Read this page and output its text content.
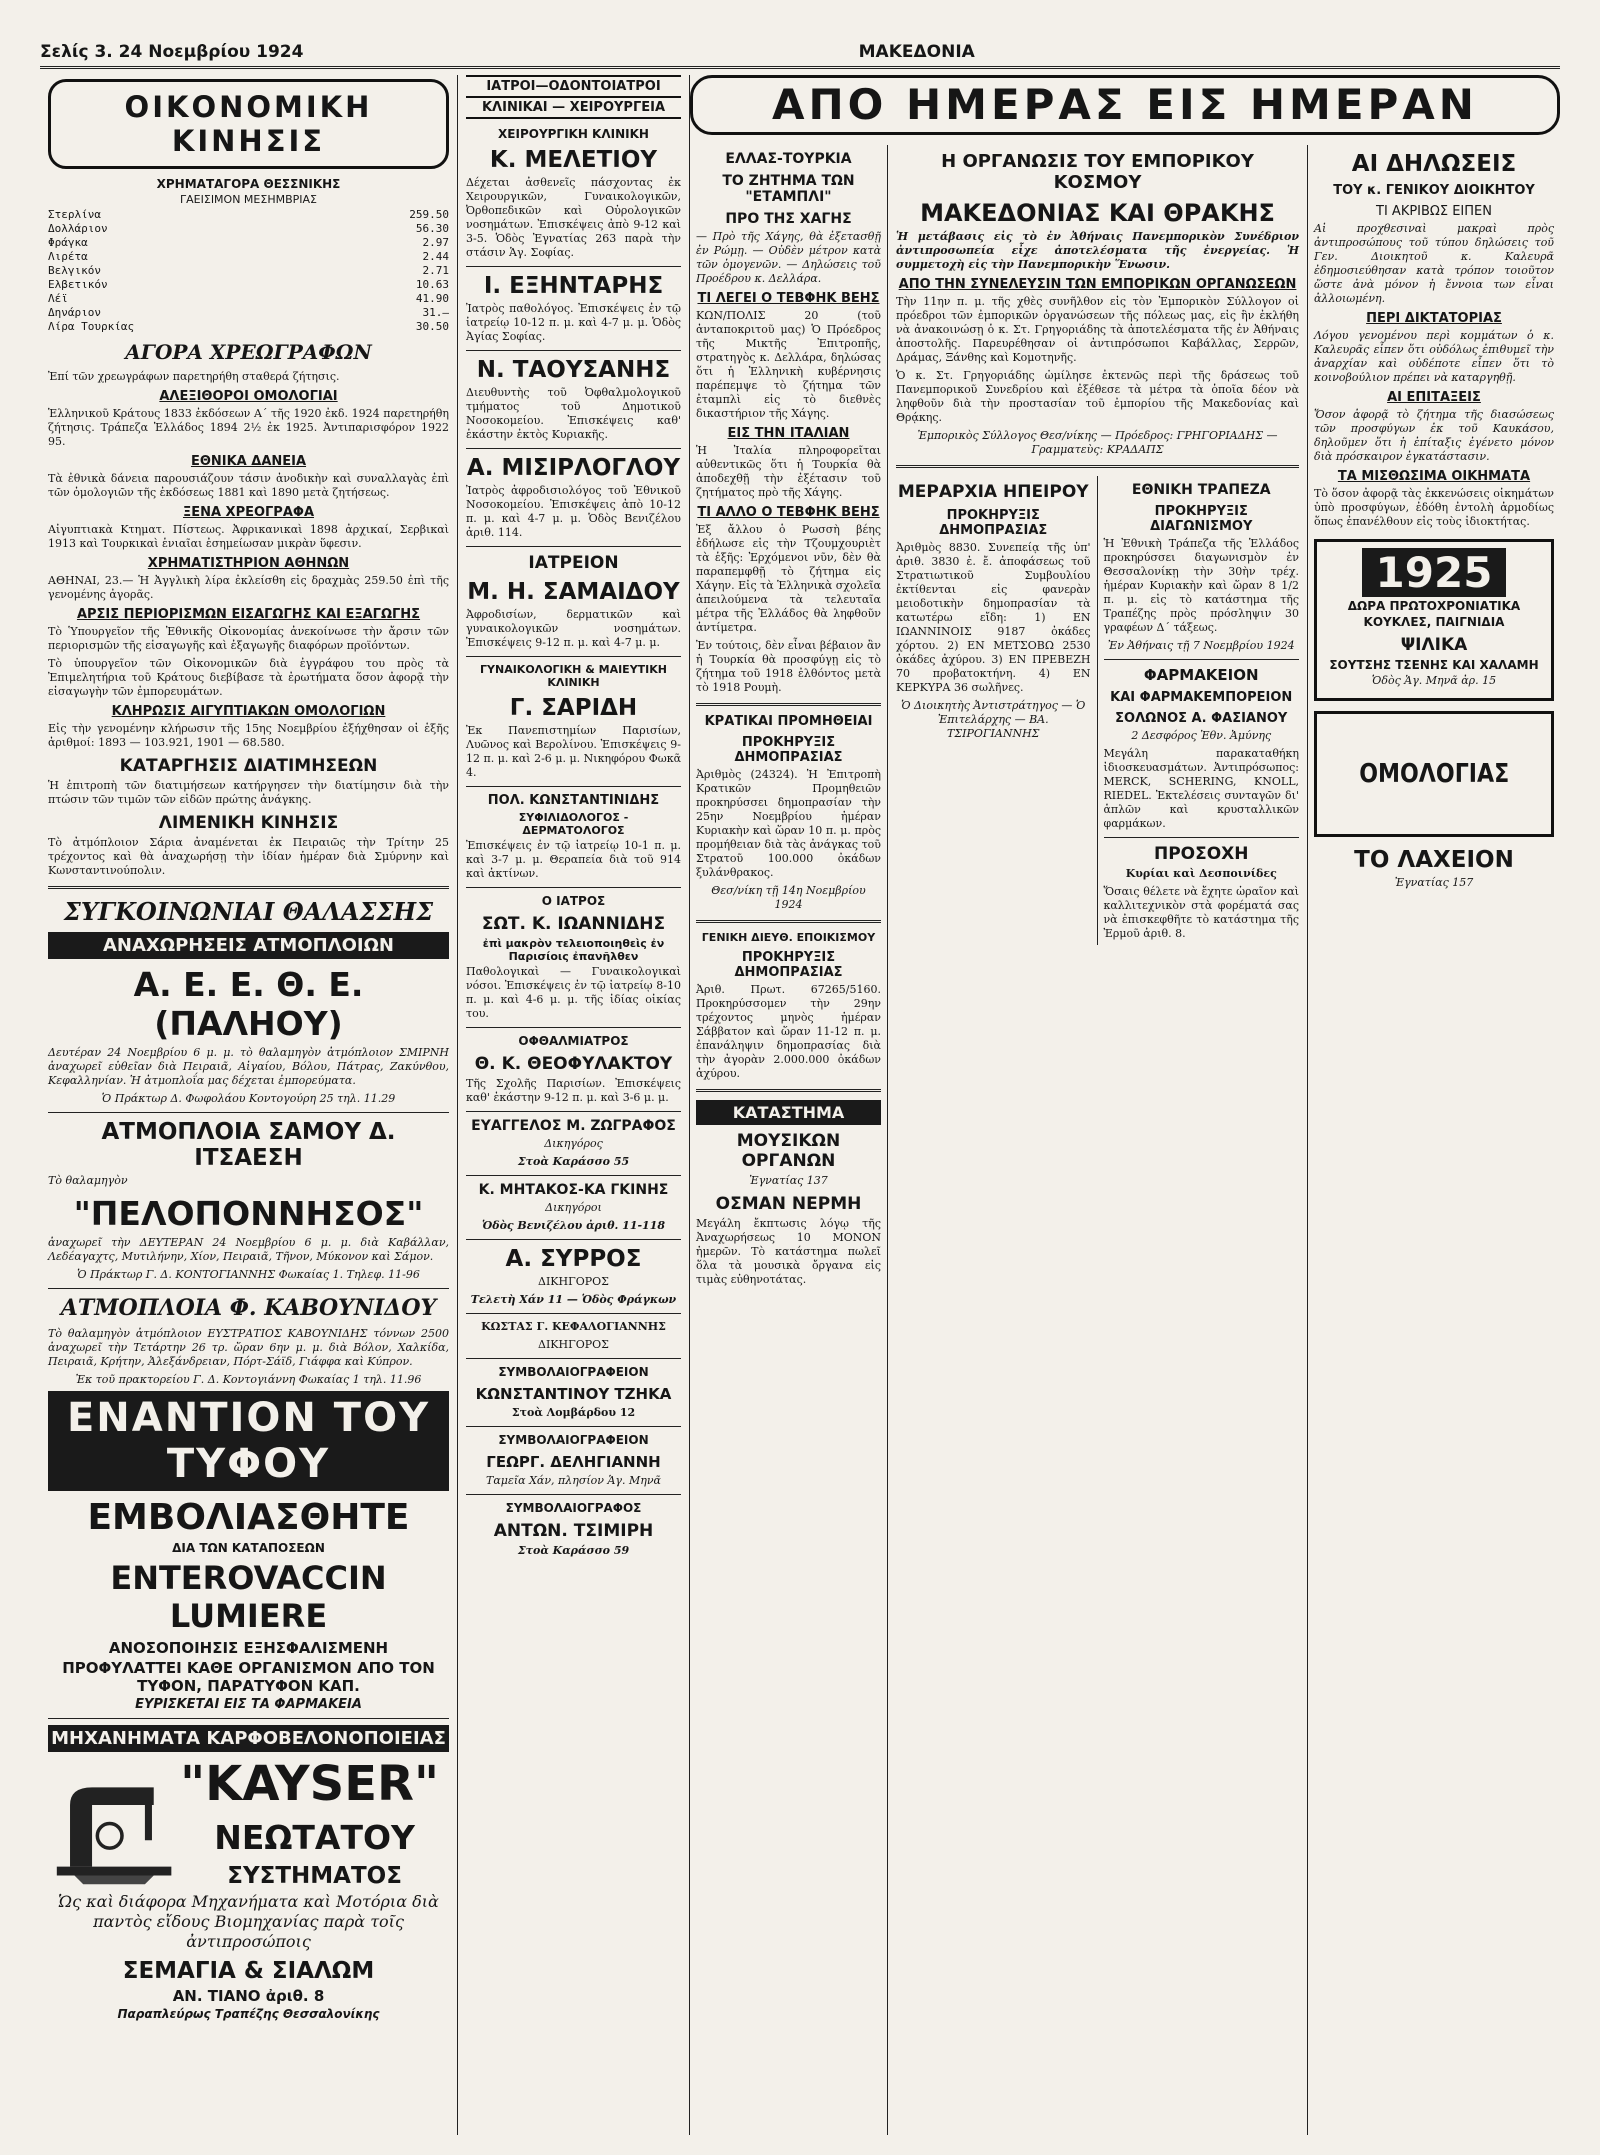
Σελίς 3. 24 Νοεμβρίου 1924	ΜΑΚΕΔΟΝΙΑ
ΟΙΚΟΝΟΜΙΚΗ ΚΙΝΗΣΙΣ
ΧΡΗΜΑΤΑΓΟΡΑ ΘΕΣΣΝΙΚΗΣ
ΓΑΕΙΣΙΜΟΝ ΜΕΣΗΜΒΡΙΑΣ
Στερλίνα	259.50
Δολλάριον	56.30
Φράγκα	2.97
Λιρέτα	2.44
Βελγικόν	2.71
Ελβετικόν	10.63
Λέϊ	41.90
Δηνάριον	31.—
Λίρα Τουρκίας	30.50
ΑΓΟΡΑ ΧΡΕΩΓΡΑΦΩΝ

Ἐπί τῶν χρεωγράφων παρετηρήθη σταθερά ζήτησις.

ΑΛΕΞΙΘΟΡΟΙ ΟΜΟΛΟΓΙΑΙ

Ἑλληνικοῦ Κράτους 1833 ἐκδόσεων Α΄ τῆς 1920 ἐκδ. 1924 παρετηρήθη ζήτησις. Τράπεζα Ἑλλάδος 1894 2½ ἐκ 1925. Ἀντιπαρισφόρον 1922 95.

ΕΘΝΙΚΑ ΔΑΝΕΙΑ

Τὰ ἐθνικὰ δάνεια παρουσιάζουν τάσιν ἀνοδικὴν καὶ συναλλαγὰς ἐπὶ τῶν ὁμολογιῶν τῆς ἐκδόσεως 1881 καὶ 1890 μετὰ ζητήσεως.

ΞΕΝΑ ΧΡΕΟΓΡΑΦΑ

Αἰγυπτιακὰ Κτηματ. Πίστεως. Ἀφρικανικαὶ 1898 ἀρχικαί, Σερβικαὶ 1913 καὶ Τουρκικαὶ ἑνιαῖαι ἐσημείωσαν μικρὰν ὕφεσιν.

ΧΡΗΜΑΤΙΣΤΗΡΙΟΝ ΑΘΗΝΩΝ

ΑΘΗΝΑΙ, 23.— Ἡ Ἀγγλικὴ λίρα ἐκλείσθη εἰς δραχμὰς 259.50 ἐπὶ τῆς γενομένης ἀγορᾶς.

ΑΡΣΙΣ ΠΕΡΙΟΡΙΣΜΩΝ ΕΙΣΑΓΩΓΗΣ ΚΑΙ ΕΞΑΓΩΓΗΣ

Τὸ Ὑπουργεῖον τῆς Ἐθνικῆς Οἰκονομίας ἀνεκοίνωσε τὴν ἄρσιν τῶν περιορισμῶν τῆς εἰσαγωγῆς καὶ ἐξαγωγῆς διαφόρων προϊόντων.

Τὸ ὑπουργεῖον τῶν Οἰκονομικῶν διὰ ἐγγράφου του πρὸς τὰ Ἐπιμελητήρια τοῦ Κράτους διεβίβασε τὰ ἐρωτήματα ὅσον ἀφορᾷ τὴν εἰσαγωγὴν τῶν ἐμπορευμάτων.

ΚΛΗΡΩΣΙΣ ΑΙΓΥΠΤΙΑΚΩΝ ΟΜΟΛΟΓΙΩΝ

Εἰς τὴν γενομένην κλήρωσιν τῆς 15ης Νοεμβρίου ἐξήχθησαν οἱ ἑξῆς ἀριθμοί: 1893 — 103.921, 1901 — 68.580.

ΚΑΤΑΡΓΗΣΙΣ ΔΙΑΤΙΜΗΣΕΩΝ

Ἡ ἐπιτροπὴ τῶν διατιμήσεων κατήργησεν τὴν διατίμησιν διὰ τὴν πτώσιν τῶν τιμῶν τῶν εἰδῶν πρώτης ἀνάγκης.

ΛΙΜΕΝΙΚΗ ΚΙΝΗΣΙΣ

Τὸ ἀτμόπλοιον Σάρια ἀναμένεται ἐκ Πειραιῶς τὴν Τρίτην 25 τρέχοντος καὶ θὰ ἀναχωρήσῃ τὴν ἰδίαν ἡμέραν διὰ Σμύρνην καὶ Κωνσταντινούπολιν.

ΣΥΓΚΟΙΝΩΝΙΑΙ ΘΑΛΑΣΣΗΣ
ΑΝΑΧΩΡΗΣΕΙΣ ΑΤΜΟΠΛΟΙΩΝ
Α. Ε. Ε. Θ. Ε. (ΠΑΛΗΟΥ)

Δευτέραν 24 Νοεμβρίου 6 μ. μ. τὸ θαλαμηγὸν ἀτμόπλοιον ΣΜΙΡΝΗ ἀναχωρεῖ εὐθεῖαν διὰ Πειραιᾶ, Αἰγαίου, Βόλου, Πάτρας, Ζακύνθου, Κεφαλληνίαν. Ἡ ἀτμοπλοΐα μας δέχεται ἐμπορεύματα.

Ὁ Πράκτωρ Δ. Φωφολάου Κοντογούρη 25 τηλ. 11.29

ΑΤΜΟΠΛΟΙΑ ΣΑΜΟΥ Δ. ΙΤΣΑΕΣΗ

Τὸ θαλαμηγὸν

"ΠΕΛΟΠΟΝΝΗΣΟΣ"

ἀναχωρεῖ τὴν ΔΕΥΤΕΡΑΝ 24 Νοεμβρίου 6 μ. μ. διὰ Καβάλλαν, Λεδέαγαχτς, Μυτιλήνην, Χίον, Πειραιᾶ, Τῆνον, Μύκονον καὶ Σάμον.

Ὁ Πράκτωρ Γ. Δ. ΚΟΝΤΟΓΙΑΝΝΗΣ Φωκαίας 1. Τηλεφ. 11-96

ΑΤΜΟΠΛΟΙΑ Φ. ΚΑΒΟΥΝΙΔΟΥ

Τὸ θαλαμηγὸν ἀτμόπλοιον ΕΥΣΤΡΑΤΙΟΣ ΚΑΒΟΥΝΙΔΗΣ τόννων 2500 ἀναχωρεῖ τὴν Τετάρτην 26 τρ. ὥραν 6ην μ. μ. διὰ Βόλον, Χαλκίδα, Πειραιᾶ, Κρήτην, Ἀλεξάνδρειαν, Πόρτ-Σάϊδ, Γιάφφα καὶ Κύπρον.

Ἐκ τοῦ πρακτορείου Γ. Δ. Κοντογιάννη Φωκαίας 1 τηλ. 11.96

ΕΝΑΝΤΙΟΝ ΤΟΥ ΤΥΦΟΥ
ΕΜΒΟΛΙΑΣΘΗΤΕ
ΔΙΑ ΤΩΝ ΚΑΤΑΠΟΣΕΩΝ
ENTEROVACCIN LUMIERE
ΑΝΟΣΟΠΟΙΗΣΙΣ ΕΞΗΣΦΑΛΙΣΜΕΝΗ
ΠΡΟΦΥΛΑΤΤΕΙ ΚΑΘΕ ΟΡΓΑΝΙΣΜΟΝ ΑΠΟ ΤΟΝ ΤΥΦΟΝ, ΠΑΡΑΤΥΦΟΝ ΚΑΠ.
ΕΥΡΙΣΚΕΤΑΙ ΕΙΣ ΤΑ ΦΑΡΜΑΚΕΙΑ
ΜΗΧΑΝΗΜΑΤΑ ΚΑΡΦΟΒΕΛΟΝΟΠΟΙΕΙΑΣ
"KAYSER"
ΝΕΩΤΑΤΟΥ
ΣΥΣΤΗΜΑΤΟΣ

Ὡς καὶ διάφορα Μηχανήματα καὶ Μοτόρια διὰ παντὸς εἴδους Βιομηχανίας παρὰ τοῖς ἀντιπροσώποις

ΣΕΜΑΓΙΑ & ΣΙΑΛΩΜ
ΑΝ. ΤΙΑΝΟ ἀριθ. 8
Παραπλεύρως Τραπέζης Θεσσαλονίκης
ΙΑΤΡΟΙ—ΟΔΟΝΤΟΙΑΤΡΟΙ
ΚΛΙΝΙΚΑΙ — ΧΕΙΡΟΥΡΓΕΙΑ
ΧΕΙΡΟΥΡΓΙΚΗ ΚΛΙΝΙΚΗ
Κ. ΜΕΛΕΤΙΟΥ

Δέχεται ἀσθενεῖς πάσχοντας ἐκ Χειρουργικῶν, Γυναικολογικῶν, Ὀρθοπεδικῶν καὶ Οὐρολογικῶν νοσημάτων. Ἐπισκέψεις ἀπὸ 9-12 καὶ 3-5. Ὁδὸς Ἐγνατίας 263 παρὰ τὴν στάσιν Ἁγ. Σοφίας.

Ι. ΕΞΗΝΤΑΡΗΣ

Ἰατρὸς παθολόγος. Ἐπισκέψεις ἐν τῷ ἰατρείῳ 10-12 π. μ. καὶ 4-7 μ. μ. Ὁδὸς Ἀγίας Σοφίας.

Ν. ΤΑΟΥΣΑΝΗΣ

Διευθυντὴς τοῦ Ὀφθαλμολογικοῦ τμήματος τοῦ Δημοτικοῦ Νοσοκομείου. Ἐπισκέψεις καθ' ἑκάστην ἐκτὸς Κυριακῆς.

Α. ΜΙΣΙΡΛΟΓΛΟΥ

Ἰατρὸς ἀφροδισιολόγος τοῦ Ἐθνικοῦ Νοσοκομείου. Ἐπισκέψεις ἀπὸ 10-12 π. μ. καὶ 4-7 μ. μ. Ὁδὸς Βενιζέλου ἀριθ. 114.

ΙΑΤΡΕΙΟΝ
Μ. Η. ΣΑΜΑΙΔΟΥ

Ἀφροδισίων, δερματικῶν καὶ γυναικολογικῶν νοσημάτων. Ἐπισκέψεις 9-12 π. μ. καὶ 4-7 μ. μ.

ΓΥΝΑΙΚΟΛΟΓΙΚΗ & ΜΑΙΕΥΤΙΚΗ ΚΛΙΝΙΚΗ
Γ. ΣΑΡΙΔΗ

Ἐκ Πανεπιστημίων Παρισίων, Λυῶνος καὶ Βερολίνου. Ἐπισκέψεις 9-12 π. μ. καὶ 2-6 μ. μ. Νικηφόρου Φωκᾶ 4.

ΠΟΛ. ΚΩΝΣΤΑΝΤΙΝΙΔΗΣ
ΣΥΦΙΛΙΔΟΛΟΓΟΣ - ΔΕΡΜΑΤΟΛΟΓΟΣ

Ἐπισκέψεις ἐν τῷ ἰατρείῳ 10-1 π. μ. καὶ 3-7 μ. μ. Θεραπεία διὰ τοῦ 914 καὶ ἀκτίνων.

Ο ΙΑΤΡΟΣ
ΣΩΤ. Κ. ΙΩΑΝΝΙΔΗΣ
ἐπὶ μακρὸν τελειοποιηθεὶς ἐν Παρισίοις ἐπανῆλθεν

Παθολογικαὶ — Γυναικολογικαὶ νόσοι. Ἐπισκέψεις ἐν τῷ ἰατρείῳ 8-10 π. μ. καὶ 4-6 μ. μ. τῆς ἰδίας οἰκίας του.

ΟΦΘΑΛΜΙΑΤΡΟΣ
Θ. Κ. ΘΕΟΦΥΛΑΚΤΟΥ

Τῆς Σχολῆς Παρισίων. Ἐπισκέψεις καθ' ἑκάστην 9-12 π. μ. καὶ 3-6 μ. μ.

ΕΥΑΓΓΕΛΟΣ Μ. ΖΩΓΡΑΦΟΣ

Δικηγόρος

Στοὰ Καράσσο 55

Κ. ΜΗΤΑΚΟΣ-ΚΑ ΓΚΙΝΗΣ

Δικηγόροι

Ὁδὸς Βενιζέλου ἀριθ. 11-118

Α. ΣΥΡΡΟΣ

ΔΙΚΗΓΟΡΟΣ

Τελετὴ Χάν 11 — Ὁδὸς Φράγκων

ΚΩΣΤΑΣ Γ. ΚΕΦΑΛΟΓΙΑΝΝΗΣ

ΔΙΚΗΓΟΡΟΣ

ΣΥΜΒΟΛΑΙΟΓΡΑΦΕΙΟΝ
ΚΩΝΣΤΑΝΤΙΝΟΥ ΤΖΗΚΑ

Στοὰ Λομβάρδου 12

ΣΥΜΒΟΛΑΙΟΓΡΑΦΕΙΟΝ
ΓΕΩΡΓ. ΔΕΛΗΓΙΑΝΝΗ

Ταμεῖα Χάν, πλησίον Ἁγ. Μηνᾶ

ΣΥΜΒΟΛΑΙΟΓΡΑΦΟΣ
ΑΝΤΩΝ. ΤΣΙΜΙΡΗ

Στοὰ Καράσσο 59

ΑΠΟ ΗΜΕΡΑΣ ΕΙΣ ΗΜΕΡΑΝ
ΕΛΛΑΣ-ΤΟΥΡΚΙΑ
ΤΟ ΖΗΤΗΜΑ ΤΩΝ "ΕΤΑΜΠΛΙ"
ΠΡΟ ΤΗΣ ΧΑΓΗΣ

— Πρὸ τῆς Χάγης, θὰ ἐξετασθῇ ἐν Ρώμῃ. — Οὐδὲν μέτρον κατὰ τῶν ὁμογενῶν. — Δηλώσεις τοῦ Προέδρου κ. Δελλάρα.

ΤΙ ΛΕΓΕΙ Ο ΤΕΒΦΗΚ ΒΕΗΣ

ΚΩΝ/ΠΟΛΙΣ 20 (τοῦ ἀνταποκριτοῦ μας) Ὁ Πρόεδρος τῆς Μικτῆς Ἐπιτροπῆς, στρατηγὸς κ. Δελλάρα, δηλώσας ὅτι ἡ Ἑλληνικὴ κυβέρνησις παρέπεμψε τὸ ζήτημα τῶν ἐταμπλὶ εἰς τὸ διεθνὲς δικαστήριον τῆς Χάγης.

ΕΙΣ ΤΗΝ ΙΤΑΛΙΑΝ

Ἡ Ἰταλία πληροφορεῖται αὐθεντικῶς ὅτι ἡ Τουρκία θὰ ἀποδεχθῇ τὴν ἐξέτασιν τοῦ ζητήματος πρὸ τῆς Χάγης.

ΤΙ ΑΛΛΟ Ο ΤΕΒΦΗΚ ΒΕΗΣ

Ἐξ ἄλλου ὁ Ρωσσὴ βέης ἐδήλωσε εἰς τὴν Τζουμχουριὲτ τὰ ἑξῆς: Ἐρχόμενοι νῦν, δὲν θὰ παραπεμφθῇ τὸ ζήτημα εἰς Χάγην. Εἰς τὰ Ἑλληνικὰ σχολεῖα ἀπειλούμενα τὰ τελευταῖα μέτρα τῆς Ἑλλάδος θὰ ληφθοῦν ἀντίμετρα.

Ἐν τούτοις, δὲν εἶναι βέβαιον ἂν ἡ Τουρκία θὰ προσφύγῃ εἰς τὸ ζήτημα τοῦ 1918 ἐλθόντος μετὰ τὸ 1918 Ρουμὴ.

ΚΡΑΤΙΚΑΙ ΠΡΟΜΗΘΕΙΑΙ
ΠΡΟΚΗΡΥΞΙΣ ΔΗΜΟΠΡΑΣΙΑΣ

Ἀριθμὸς (24324). Ἡ Ἐπιτροπὴ Κρατικῶν Προμηθειῶν προκηρύσσει δημοπρασίαν τὴν 25ην Νοεμβρίου ἡμέραν Κυριακὴν καὶ ὥραν 10 π. μ. πρὸς προμήθειαν διὰ τὰς ἀνάγκας τοῦ Στρατοῦ 100.000 ὀκάδων ξυλάνθρακος.

Θεσ/νίκη τῇ 14η Νοεμβρίου 1924

ΓΕΝΙΚΗ ΔΙΕΥΘ. ΕΠΟΙΚΙΣΜΟΥ
ΠΡΟΚΗΡΥΞΙΣ ΔΗΜΟΠΡΑΣΙΑΣ

Ἀριθ. Πρωτ. 67265/5160. Προκηρύσσομεν τὴν 29ην τρέχοντος μηνὸς ἡμέραν Σάββατον καὶ ὥραν 11-12 π. μ. ἐπανάληψιν δημοπρασίας διὰ τὴν ἀγορὰν 2.000.000 ὀκάδων ἀχύρου.

ΚΑΤΑΣΤΗΜΑ
ΜΟΥΣΙΚΩΝ ΟΡΓΑΝΩΝ

Ἐγνατίας 137

ΟΣΜΑΝ ΝΕΡΜΗ

Μεγάλη ἔκπτωσις λόγῳ τῆς Ἀναχωρήσεως 10 ΜΟΝΟΝ ἡμερῶν. Τὸ κατάστημα πωλεῖ ὅλα τὰ μουσικὰ ὄργανα εἰς τιμὰς εὐθηνοτάτας.

Η ΟΡΓΑΝΩΣΙΣ ΤΟΥ ΕΜΠΟΡΙΚΟΥ ΚΟΣΜΟΥ
ΜΑΚΕΔΟΝΙΑΣ ΚΑΙ ΘΡΑΚΗΣ

Ἡ μετάβασις εἰς τὸ ἐν Ἀθήναις Πανεμπορικὸν Συνέδριον ἀντιπροσωπεία εἶχε ἀποτελέσματα τῆς ἐνεργείας. Ἡ συμμετοχὴ εἰς τὴν Πανεμπορικὴν Ἕνωσιν.

ΑΠΟ ΤΗΝ ΣΥΝΕΛΕΥΣΙΝ ΤΩΝ ΕΜΠΟΡΙΚΩΝ ΟΡΓΑΝΩΣΕΩΝ

Τὴν 11ην π. μ. τῆς χθὲς συνῆλθον εἰς τὸν Ἐμπορικὸν Σύλλογον οἱ πρόεδροι τῶν ἐμπορικῶν ὀργανώσεων τῆς πόλεως μας, εἰς ἣν ἐκλήθη νὰ ἀνακοινώσῃ ὁ κ. Στ. Γρηγοριάδης τὰ ἀποτελέσματα τῆς ἐν Ἀθήναις ἀποστολῆς. Παρευρέθησαν οἱ ἀντιπρόσωποι Καβάλλας, Σερρῶν, Δράμας, Ξάνθης καὶ Κομοτηνῆς.

Ὁ κ. Στ. Γρηγοριάδης ὡμίλησε ἐκτενῶς περὶ τῆς δράσεως τοῦ Πανεμπορικοῦ Συνεδρίου καὶ ἐξέθεσε τὰ μέτρα τὰ ὁποῖα δέον νὰ ληφθοῦν διὰ τὴν προστασίαν τοῦ ἐμπορίου τῆς Μακεδονίας καὶ Θρᾴκης.

Ἐμπορικὸς Σύλλογος Θεσ/νίκης — Πρόεδρος: ΓΡΗΓΟΡΙΑΔΗΣ — Γραμματεὺς: ΚΡΑΔΑΠΣ

ΜΕΡΑΡΧΙΑ ΗΠΕΙΡΟΥ
ΠΡΟΚΗΡΥΞΙΣ ΔΗΜΟΠΡΑΣΙΑΣ

Ἀριθμὸς 8830. Συνεπείᾳ τῆς ὑπ' ἀριθ. 3830 ἐ. ἔ. ἀποφάσεως τοῦ Στρατιωτικοῦ Συμβουλίου ἐκτίθενται εἰς φανερὰν μειοδοτικὴν δημοπρασίαν τὰ κατωτέρω εἴδη: 1) ΕΝ ΙΩΑΝΝΙΝΟΙΣ 9187 ὀκάδες χόρτου. 2) ΕΝ ΜΕΤΣΟΒΩ 2530 ὀκάδες ἀχύρου. 3) ΕΝ ΠΡΕΒΕΖΗ 70 προβατοκτήνη. 4) ΕΝ ΚΕΡΚΥΡΑ 36 σωλῆνες.

Ὁ Διοικητὴς Ἀντιστράτηγος — Ὁ Ἐπιτελάρχης — ΒΑ. ΤΣΙΡΟΓΙΑΝΝΗΣ

ΕΘΝΙΚΗ ΤΡΑΠΕΖΑ
ΠΡΟΚΗΡΥΞΙΣ ΔΙΑΓΩΝΙΣΜΟΥ

Ἡ Ἐθνικὴ Τράπεζα τῆς Ἑλλάδος προκηρύσσει διαγωνισμὸν ἐν Θεσσαλονίκῃ τὴν 30ὴν τρέχ. ἡμέραν Κυριακὴν καὶ ὥραν 8 1/2 π. μ. εἰς τὸ κατάστημα τῆς Τραπέζης πρὸς πρόσληψιν 30 γραφέων Δ΄ τάξεως.

Ἐν Ἀθήναις τῇ 7 Νοεμβρίου 1924

ΦΑΡΜΑΚΕΙΟΝ
ΚΑΙ ΦΑΡΜΑΚΕΜΠΟΡΕΙΟΝ
ΣΟΛΩΝΟΣ Α. ΦΑΣΙΑΝΟΥ

2 Δεσφόρος Ἐθν. Ἀμύνης

Μεγάλη παρακαταθήκη ἰδιοσκευασμάτων. Ἀντιπρόσωπος: MERCK, SCHERING, KNOLL, RIEDEL. Ἐκτελέσεις συνταγῶν δι' ἁπλῶν καὶ κρυσταλλικῶν φαρμάκων.

ΠΡΟΣΟΧΗ

Κυρίαι καὶ Δεσποινίδες

Ὅσαις θέλετε νὰ ἔχητε ὡραῖον καὶ καλλιτεχνικὸν στὰ φορέματά σας νὰ ἐπισκεφθῆτε τὸ κατάστημα τῆς Ἐρμοῦ ἀριθ. 8.

ΑΙ ΔΗΛΩΣΕΙΣ
ΤΟΥ κ. ΓΕΝΙΚΟΥ ΔΙΟΙΚΗΤΟΥ
ΤΙ ΑΚΡΙΒΩΣ ΕΙΠΕΝ

Αἱ προχθεσιναὶ μακραὶ πρὸς ἀντιπροσώπους τοῦ τύπου δηλώσεις τοῦ Γεν. Διοικητοῦ κ. Καλευρᾶ ἐδημοσιεύθησαν κατὰ τρόπον τοιοῦτον ὥστε ἀνὰ μόνον ἡ ἔννοια των εἶναι ἀλλοιωμένη.

ΠΕΡΙ ΔΙΚΤΑΤΟΡΙΑΣ

Λόγου γενομένου περὶ κομμάτων ὁ κ. Καλευρᾶς εἶπεν ὅτι οὐδόλως ἐπιθυμεῖ τὴν ἀναρχίαν καὶ οὐδέποτε εἶπεν ὅτι τὸ κοινοβούλιον πρέπει νὰ καταργηθῇ.

ΑΙ ΕΠΙΤΑΞΕΙΣ

Ὅσον ἀφορᾷ τὸ ζήτημα τῆς διασώσεως τῶν προσφύγων ἐκ τοῦ Καυκάσου, δηλοῦμεν ὅτι ἡ ἐπίταξις ἐγένετο μόνον διὰ πρόσκαιρον ἐγκατάστασιν.

ΤΑ ΜΙΣΘΩΣΙΜΑ ΟΙΚΗΜΑΤΑ

Τὸ ὅσον ἀφορᾷ τὰς ἐκκενώσεις οἰκημάτων ὑπὸ προσφύγων, ἐδόθη ἐντολὴ ἀρμοδίως ὅπως ἐπανέλθουν εἰς τοὺς ἰδιοκτήτας.

1925
ΔΩΡΑ ΠΡΩΤΟΧΡΟΝΙΑΤΙΚΑ
ΚΟΥΚΛΕΣ, ΠΑΙΓΝΙΔΙΑ
ΨΙΛΙΚΑ
ΣΟΥΤΣΗΣ ΤΣΕΝΗΣ ΚΑΙ ΧΑΛΑΜΗ

Ὁδὸς Ἁγ. Μηνᾶ ἀρ. 15

ΟΜΟΛΟΓΙΑΣ
ΤΟ ΛΑΧΕΙΟΝ

Ἐγνατίας 157
